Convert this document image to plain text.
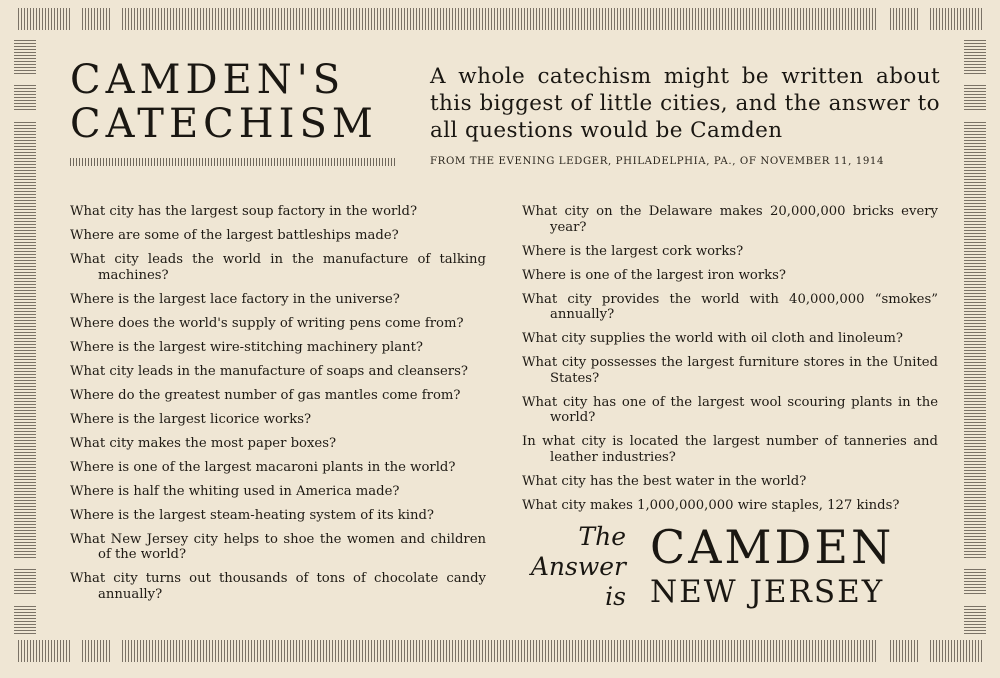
CAMDEN'S
CATECHISM
A whole catechism might be written about this biggest of little cities, and the answer to all questions would be Camden
FROM THE EVENING LEDGER, PHILADELPHIA, PA., OF NOVEMBER 11, 1914

What city has the largest soup factory in the world?

Where are some of the largest battleships made?

What city leads the world in the manufacture of talking machines?

Where is the largest lace factory in the universe?

Where does the world's supply of writing pens come from?

Where is the largest wire-stitching machinery plant?

What city leads in the manufacture of soaps and cleansers?

Where do the greatest number of gas mantles come from?

Where is the largest licorice works?

What city makes the most paper boxes?

Where is one of the largest macaroni plants in the world?

Where is half the whiting used in America made?

Where is the largest steam-heating system of its kind?

What New Jersey city helps to shoe the women and children of the world?

What city turns out thousands of tons of chocolate candy annually?

What city on the Delaware makes 20,000,000 bricks every year?

Where is the largest cork works?

Where is one of the largest iron works?

What city provides the world with 40,000,000 “smokes” annually?

What city supplies the world with oil cloth and linoleum?

What city possesses the largest furniture stores in the United States?

What city has one of the largest wool scouring plants in the world?

In what city is located the largest number of tanneries and leather industries?

What city has the best water in the world?

What city makes 1,000,000,000 wire staples, 127 kinds?

The
Answer
is
CAMDEN
NEW JERSEY
